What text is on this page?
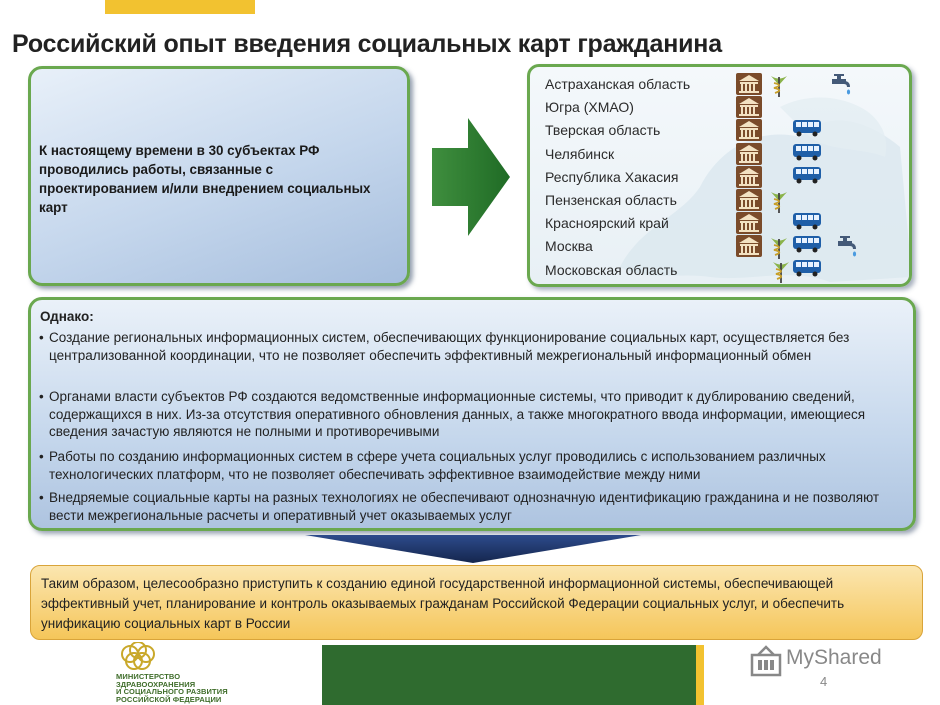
Российский опыт введения социальных карт гражданина

К настоящему времени в 30 субъектах РФ проводились работы, связанные с проектированием и/или внедрением социальных карт

Астраханская область
Югра (ХМАО)
Тверская область
Челябинск
Республика Хакасия
Пензенская область
Красноярский край
Москва
Московская область
Однако:
• Создание региональных информационных систем, обеспечивающих функционирование социальных карт, осуществляется без централизованной координации, что не позволяет обеспечить эффективный межрегиональный информационный обмен
• Органами власти субъектов РФ создаются ведомственные информационные системы, что приводит к дублированию сведений, содержащихся в них. Из-за отсутствия оперативного обновления данных, а также многократного ввода информации, имеющиеся сведения зачастую являются не полными и противоречивыми
• Работы по созданию информационных систем в сфере учета социальных услуг проводились с использованием различных технологических платформ, что не позволяет обеспечивать эффективное взаимодействие между ними
• Внедряемые социальные карты на разных технологиях не обеспечивают однозначную идентификацию гражданина и не позволяют вести межрегиональные расчеты и оперативный учет оказываемых услуг

Таким образом, целесообразно приступить к созданию единой государственной информационной системы, обеспечивающей эффективный учет, планирование и контроль оказываемых гражданам Российской Федерации социальных услуг, и обеспечить унификацию социальных карт в России

МИНИСТЕРСТВО
ЗДРАВООХРАНЕНИЯ
И СОЦИАЛЬНОГО РАЗВИТИЯ
РОССИЙСКОЙ ФЕДЕРАЦИИ
MyShared
4
